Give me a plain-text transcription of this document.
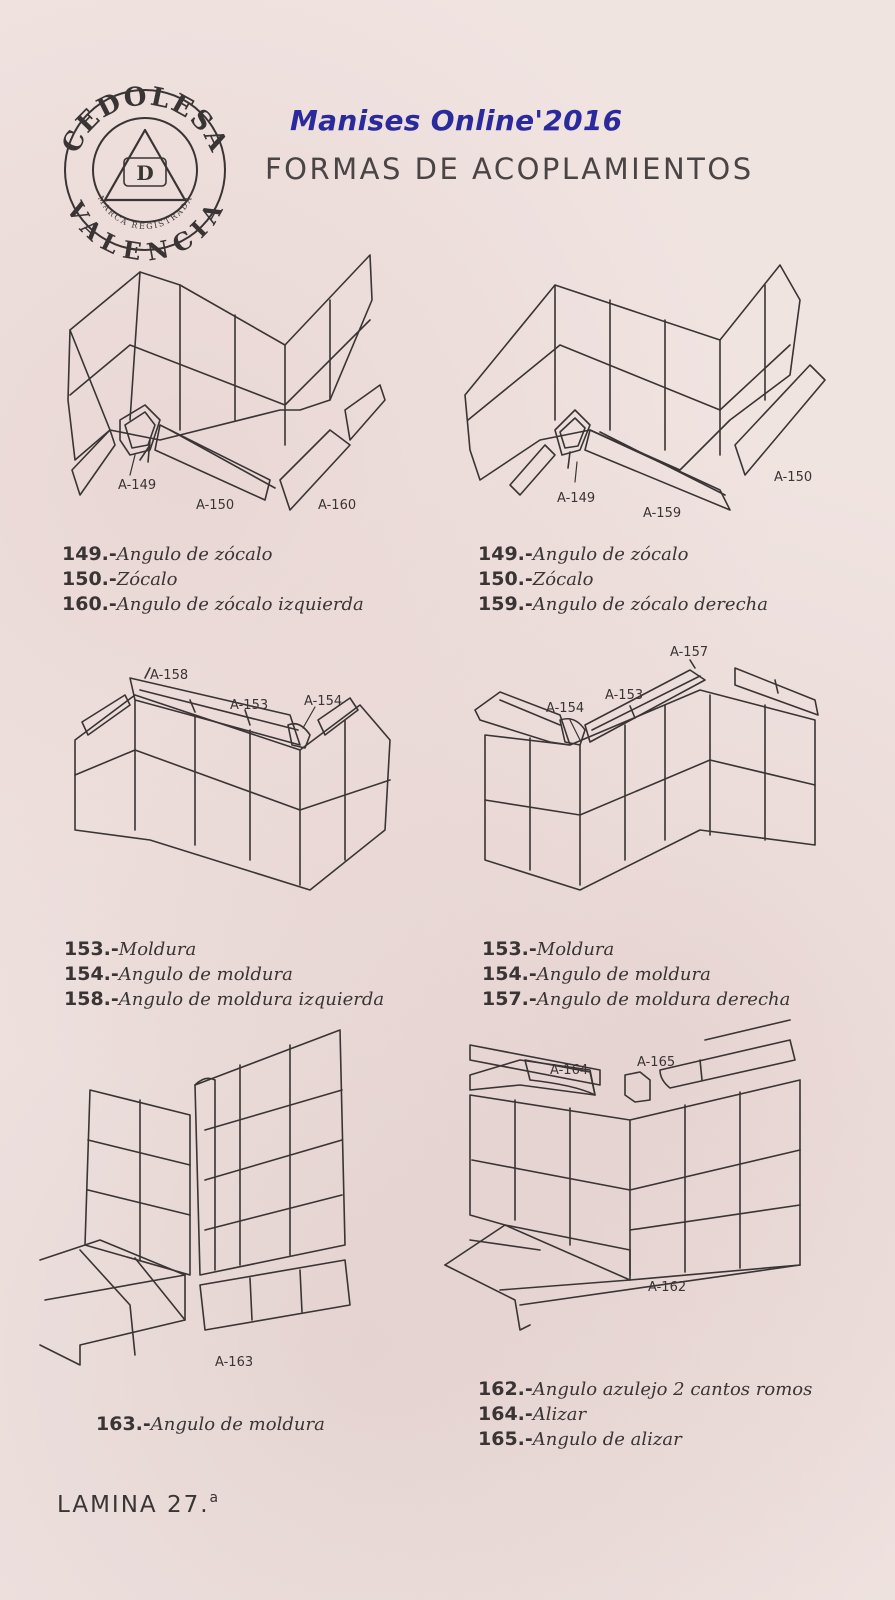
CEDOLESA
VALENCIA
MARCA REGISTRADA
D
A-149
A-150	A-160	A-149
A-159
A-150
A-158
A-153	A-154
A-157
A-154
A-153
A-163
A-164
A-165
A-162
Manises Online'2016
FORMAS DE ACOPLAMIENTOS
149.-Angulo de zócalo
150.-Zócalo
160.-Angulo de zócalo izquierda
149.-Angulo de zócalo
150.-Zócalo
159.-Angulo de zócalo derecha
153.-Moldura
154.-Angulo de moldura
158.-Angulo de moldura izquierda
153.-Moldura
154.-Angulo de moldura
157.-Angulo de moldura derecha
163.-Angulo de moldura
162.-Angulo azulejo 2 cantos romos
164.-Alizar
165.-Angulo de alizar
LAMINA 27.$^a$
